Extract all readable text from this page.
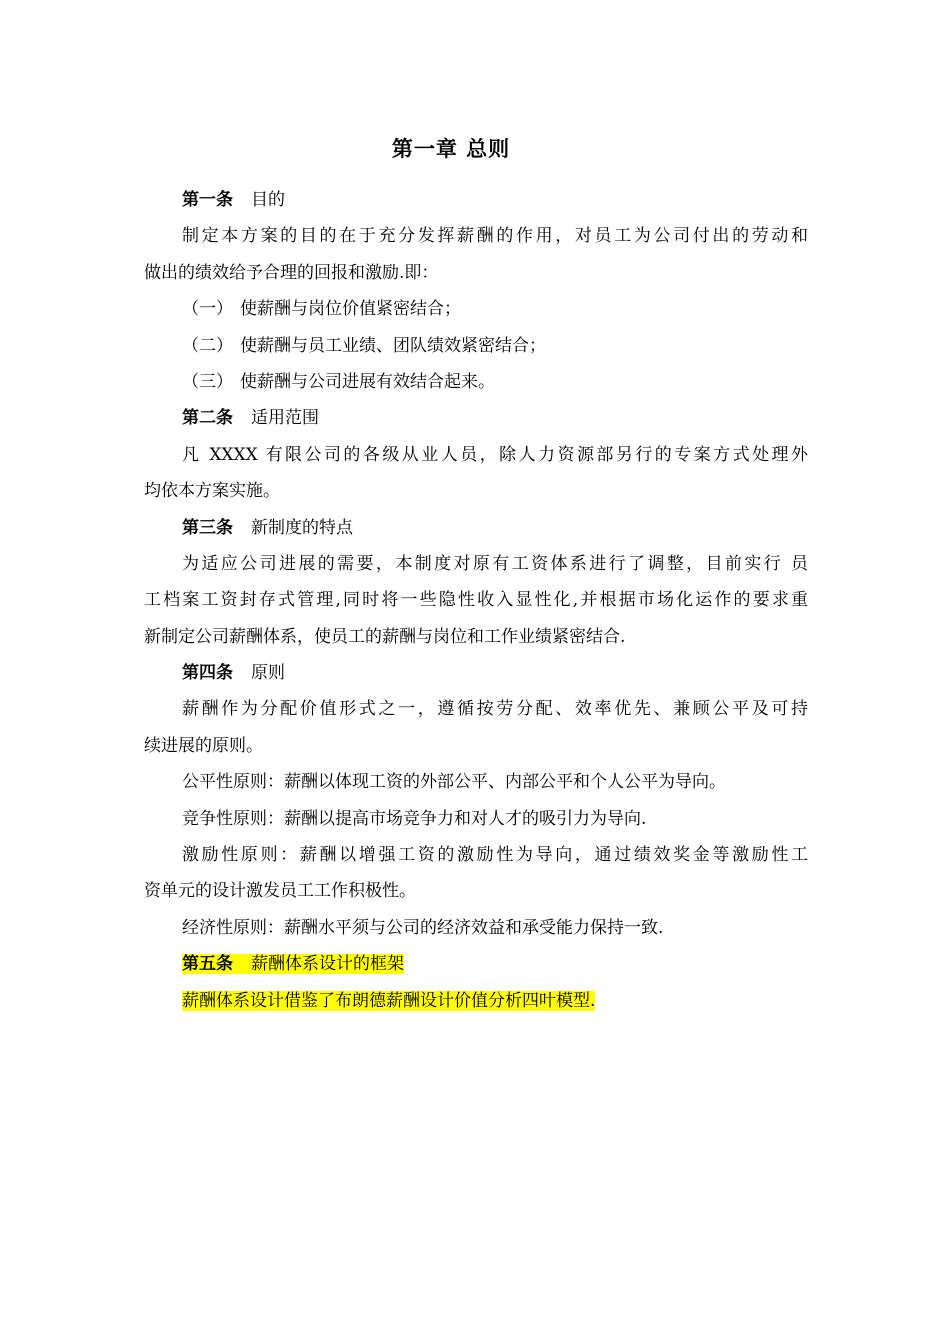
第一章 总则
第一条 目的
制定本方案的目的在于充分发挥薪酬的作用，对员工为公司付出的劳动和
做出的绩效给予合理的回报和激励.即：
（一） 使薪酬与岗位价值紧密结合；
（二） 使薪酬与员工业绩、团队绩效紧密结合；
（三） 使薪酬与公司进展有效结合起来。
第二条 适用范围
凡 XXXX 有限公司的各级从业人员，除人力资源部另行的专案方式处理外
均依本方案实施。
第三条 新制度的特点
为适应公司进展的需要，本制度对原有工资体系进行了调整，目前实行 员
工档案工资封存式管理,同时将一些隐性收入显性化,并根据市场化运作的要求重
新制定公司薪酬体系，使员工的薪酬与岗位和工作业绩紧密结合.
第四条 原则
薪酬作为分配价值形式之一，遵循按劳分配、效率优先、兼顾公平及可持
续进展的原则。
公平性原则：薪酬以体现工资的外部公平、内部公平和个人公平为导向。
竞争性原则：薪酬以提高市场竞争力和对人才的吸引力为导向.
激励性原则：薪酬以增强工资的激励性为导向，通过绩效奖金等激励性工
资单元的设计激发员工工作积极性。
经济性原则：薪酬水平须与公司的经济效益和承受能力保持一致.
第五条 薪酬体系设计的框架
薪酬体系设计借鉴了布朗德薪酬设计价值分析四叶模型.
